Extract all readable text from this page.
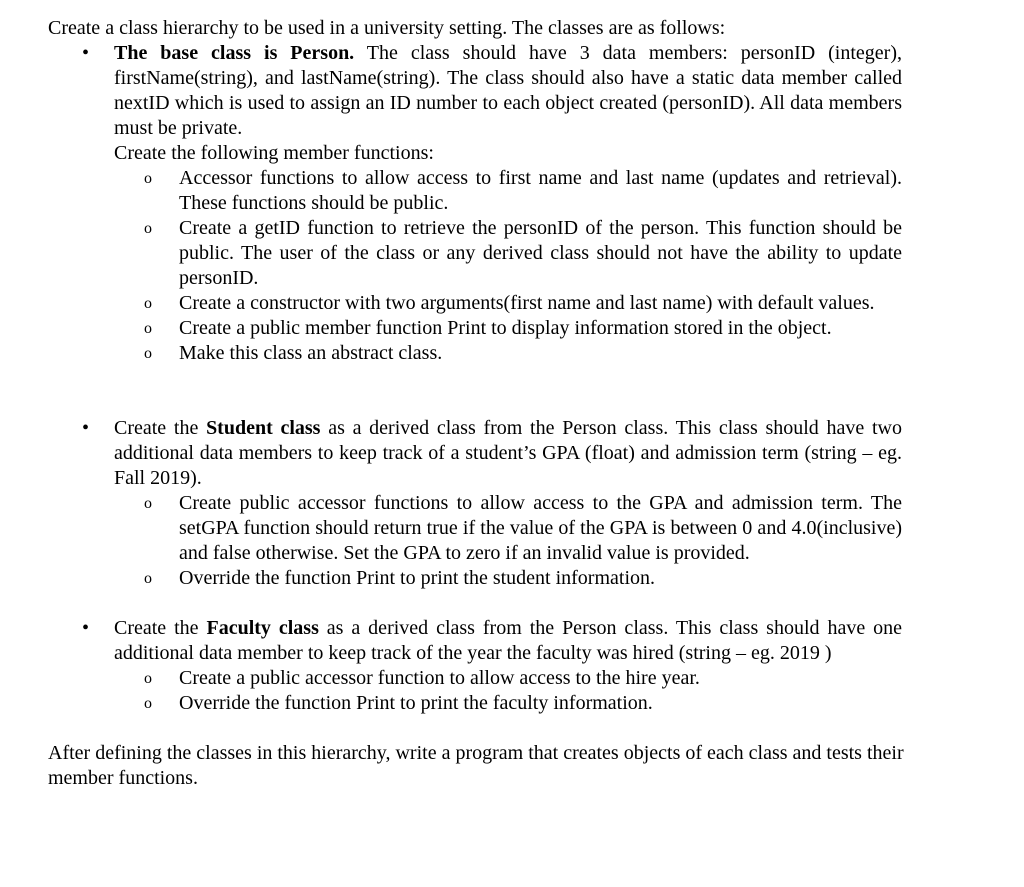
Create a class hierarchy to be used in a university setting. The classes are as follows:

•	The base class is Person. The class should have 3 data members: personID (integer), firstName(string), and lastName(string). The class should also have a static data member called nextID which is used to assign an ID number to each object created (personID). All data members must be private.

Create the following member functions:

o Accessor functions to allow access to first name and last name (updates and retrieval). These functions should be public.
o Create a getID function to retrieve the personID of the person. This function should be public. The user of the class or any derived class should not have the ability to update personID.
o Create a constructor with two arguments(first name and last name) with default values.
o Create a public member function Print to display information stored in the object.
o Make this class an abstract class.
•	Create the Student class as a derived class from the Person class. This class should have two additional data members to keep track of a student’s GPA (float) and admission term (string – eg. Fall 2019).

o Create public accessor functions to allow access to the GPA and admission term. The setGPA function should return true if the value of the GPA is between 0 and 4.0(inclusive) and false otherwise. Set the GPA to zero if an invalid value is provided.
o Override the function Print to print the student information.
•	Create the Faculty class as a derived class from the Person class. This class should have one additional data member to keep track of the year the faculty was hired (string – eg. 2019 )

o Create a public accessor function to allow access to the hire year.
o Override the function Print to print the faculty information.

After defining the classes in this hierarchy, write a program that creates objects of each class and tests their member functions.
